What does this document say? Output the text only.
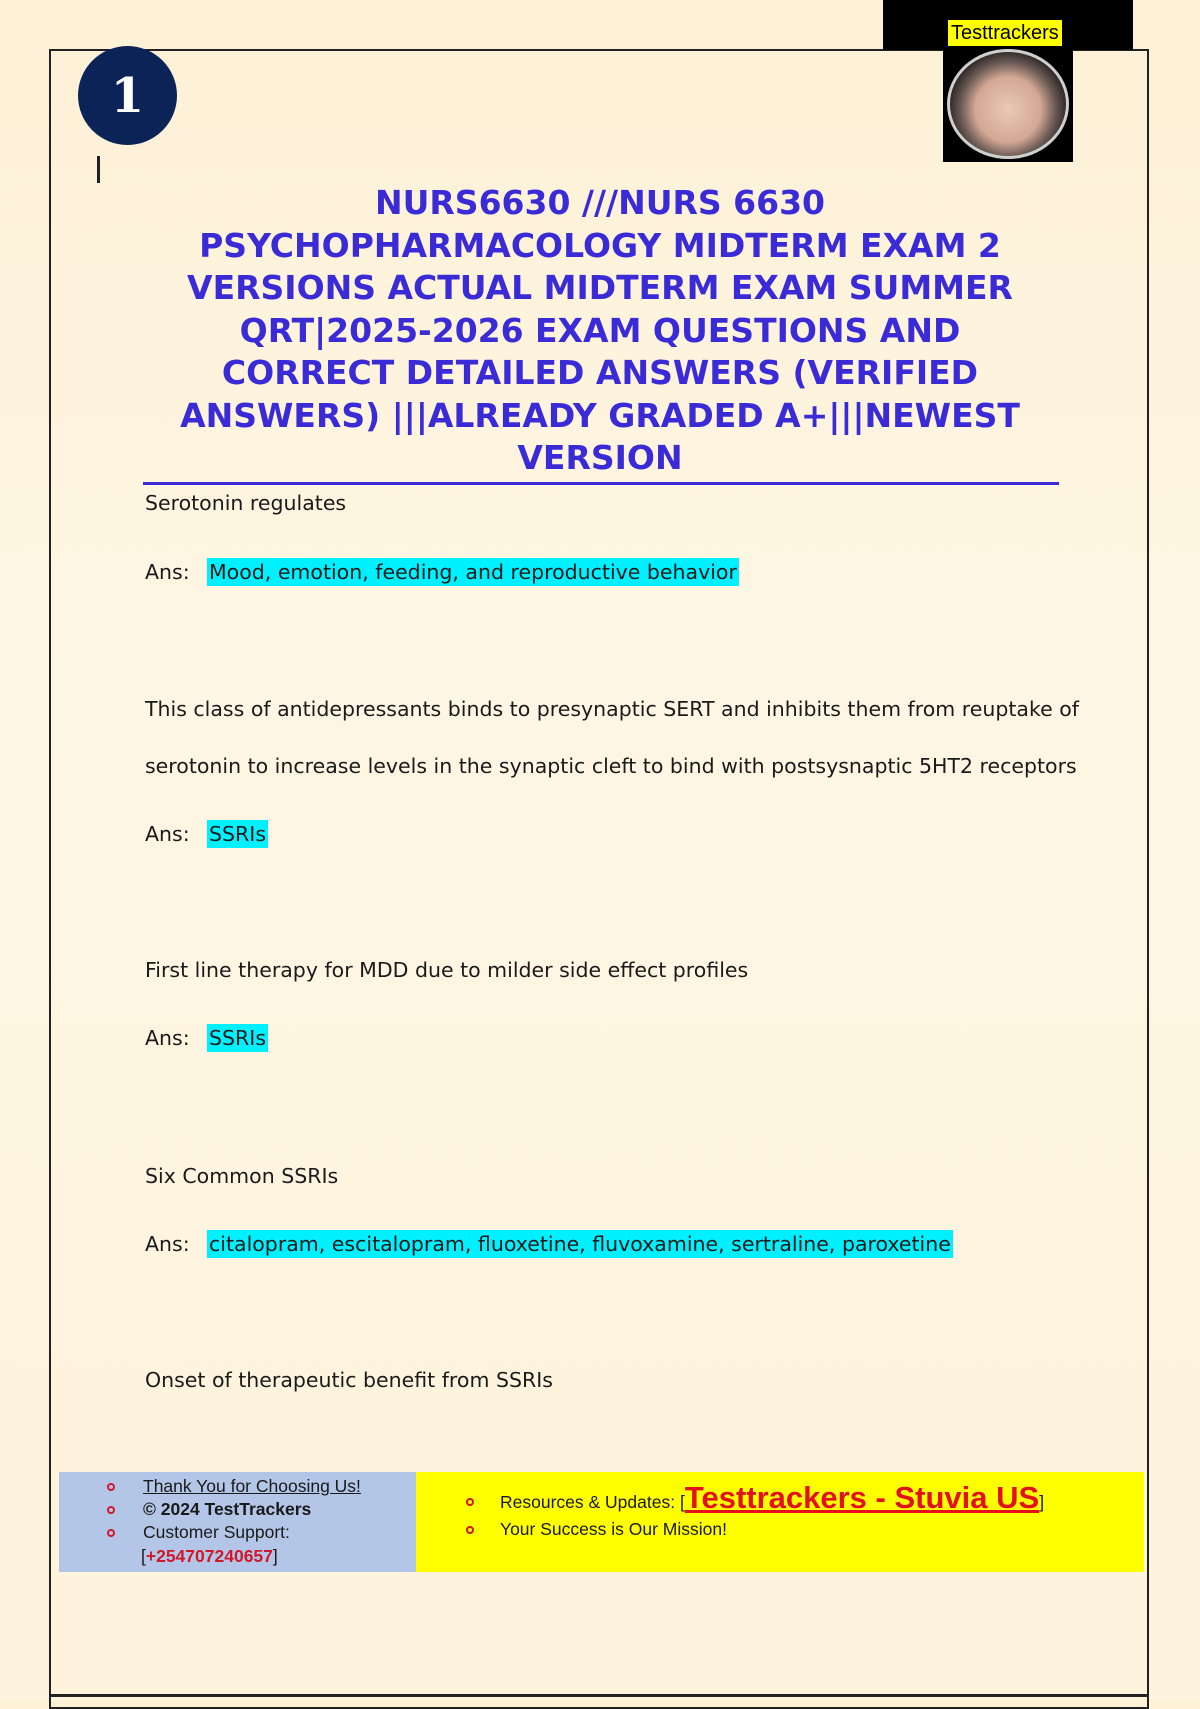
Testtrackers
1
NURS6630 ///NURS 6630 PSYCHOPHARMACOLOGY MIDTERM EXAM 2 VERSIONS ACTUAL MIDTERM EXAM SUMMER QRT|2025-2026 EXAM QUESTIONS AND CORRECT DETAILED ANSWERS (VERIFIED ANSWERS) |||ALREADY GRADED A+|||NEWEST VERSION

Serotonin regulates

Ans: Mood, emotion, feeding, and reproductive behavior

This class of antidepressants binds to presynaptic SERT and inhibits them from reuptake of

serotonin to increase levels in the synaptic cleft to bind with postsysnaptic 5HT2 receptors

Ans: SSRIs

First line therapy for MDD due to milder side effect profiles

Ans: SSRIs

Six Common SSRIs

Ans: citalopram, escitalopram, fluoxetine, fluvoxamine, sertraline, paroxetine

Onset of therapeutic benefit from SSRIs

Thank You for Choosing Us!
© 2024 TestTrackers
Customer Support:
[+254707240657]
Resources & Updates: [Testtrackers - Stuvia US]
Your Success is Our Mission!
